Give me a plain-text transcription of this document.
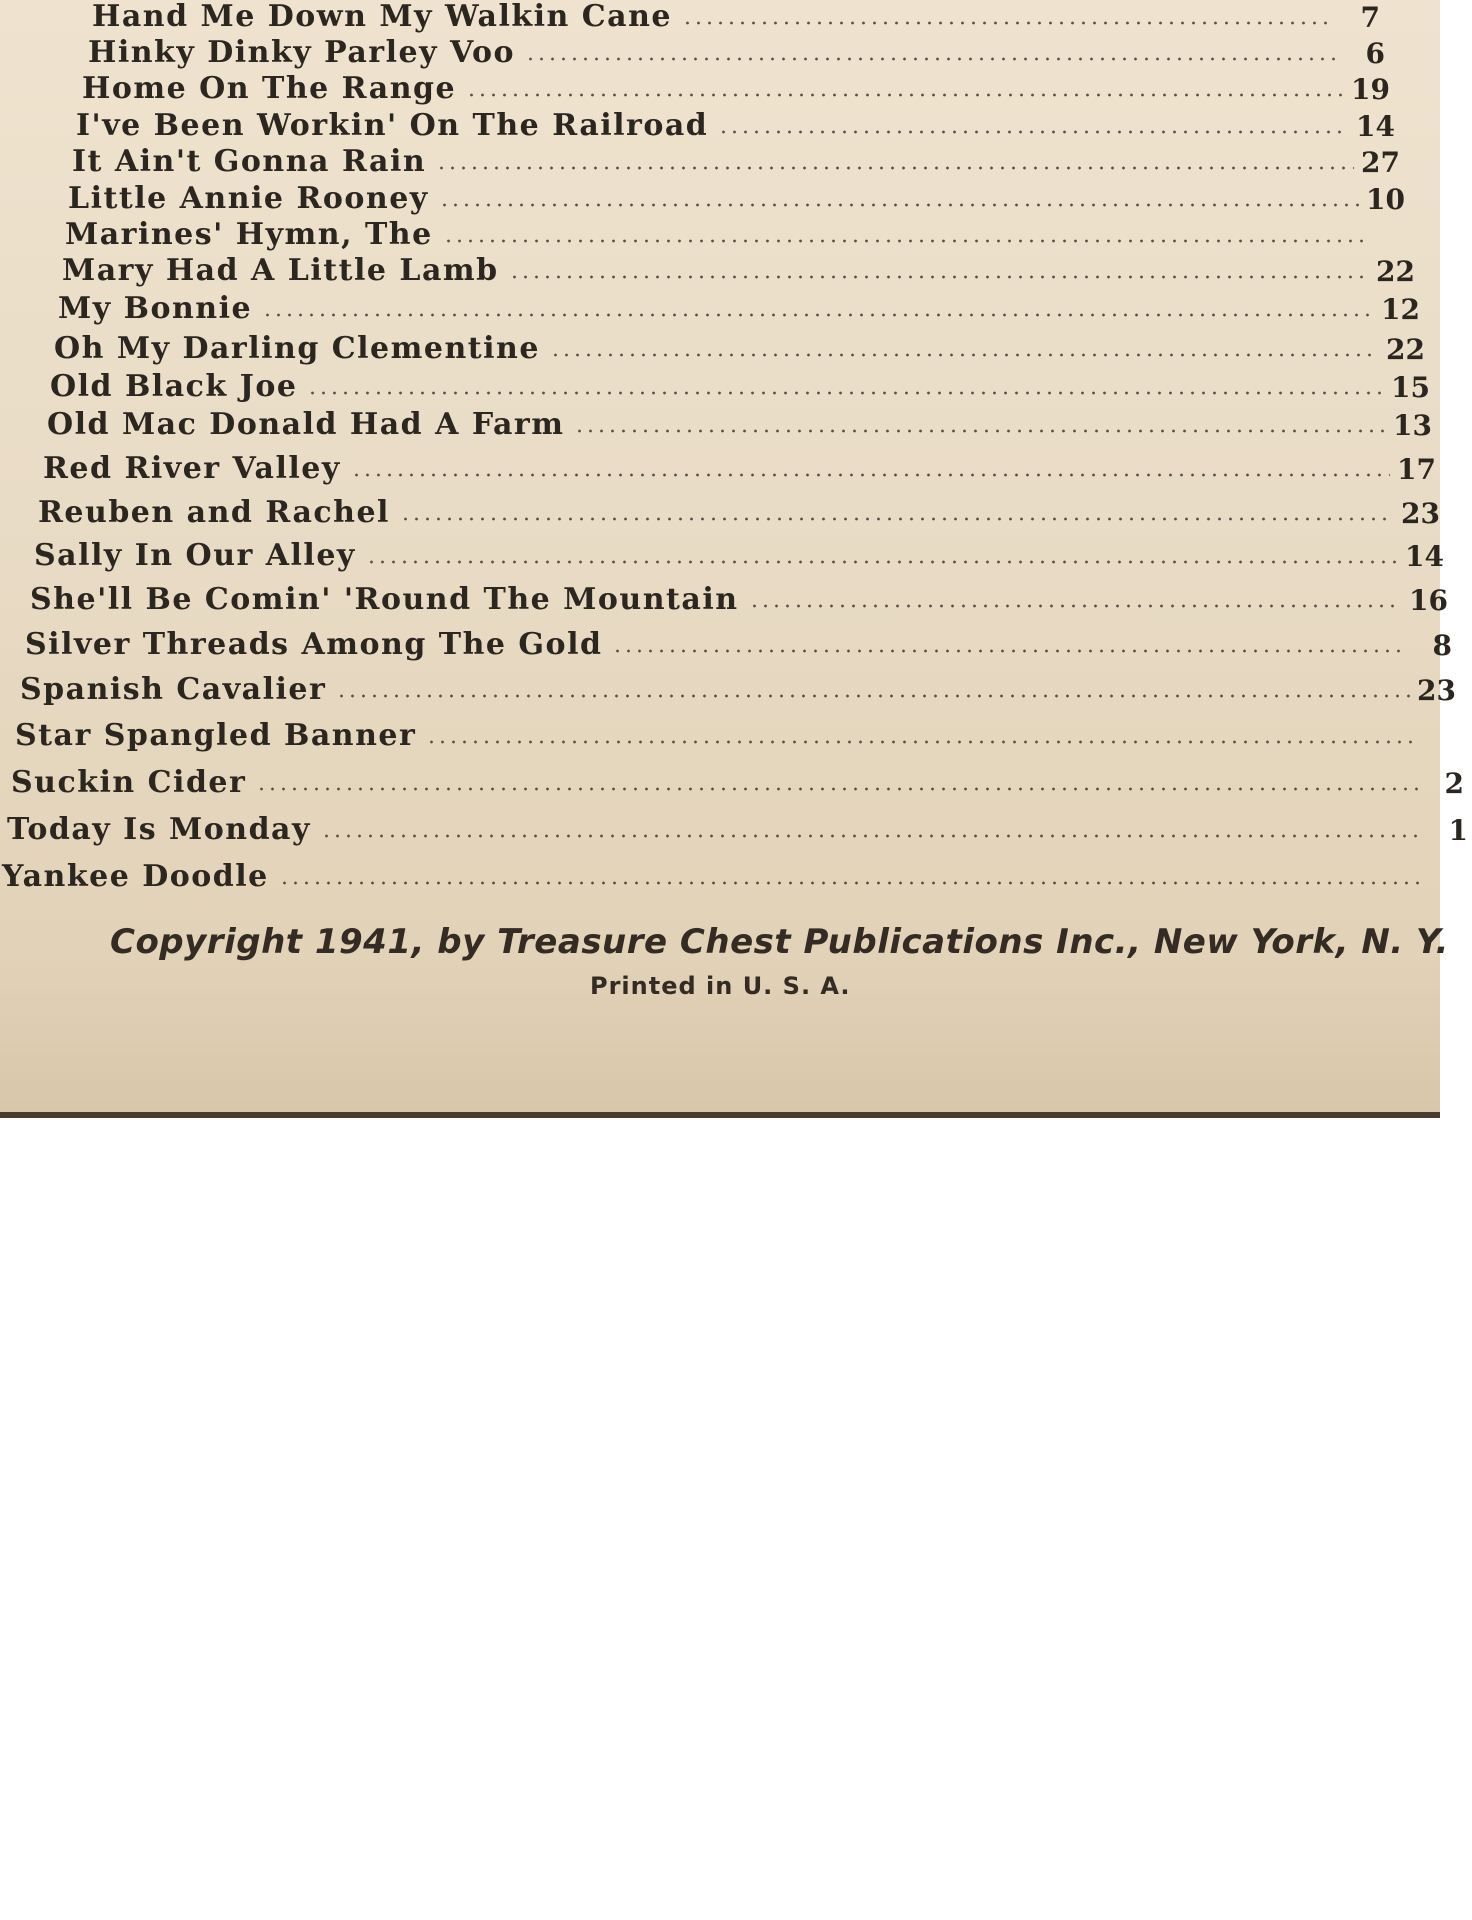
Hand Me Down My Walkin Cane	7
Hinky Dinky Parley Voo	6
Home On The Range	19
I've Been Workin' On The Railroad	14
It Ain't Gonna Rain	27
Little Annie Rooney	10
Marines' Hymn, The
Mary Had A Little Lamb	22
My Bonnie	12
Oh My Darling Clementine	22
Old Black Joe	15
Old Mac Donald Had A Farm	13
Red River Valley	17
Reuben and Rachel	23
Sally In Our Alley	14
She'll Be Comin' 'Round The Mountain	16
Silver Threads Among The Gold	8
Spanish Cavalier	23
Star Spangled Banner
Suckin Cider	2
Today Is Monday	1
Yankee Doodle
Copyright 1941, by Treasure Chest Publications Inc., New York, N. Y.
Printed in U. S. A.
